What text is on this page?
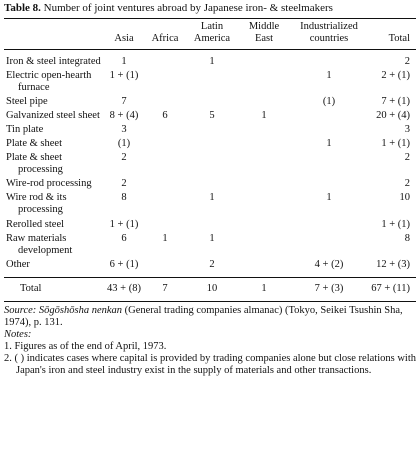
Table 8. Number of joint ventures abroad by Japanese iron- & steelmakers
	Asia	Africa	Latin America	Middle East	Industrialized countries	Total

Iron & steel integrated	1		1			2

Electric open-hearth furnace	1 + (1)				1	2 + (1)

Steel pipe	7				(1)	7 + (1)

Galvanized steel sheet	8 + (4)	6	5	1		20 + (4)

Tin plate	3					3

Plate & sheet	(1)				1	1 + (1)

Plate & sheet processing	2					2

Wire-rod processing	2					2

Wire rod & its processing	8		1		1	10

Rerolled steel	1 + (1)					1 + (1)

Raw materials development	6	1	1			8

Other	6 + (1)		2		4 + (2)	12 + (3)
Total	43 + (8)	7	10	1	7 + (3)	67 + (11)
Source: Sōgōshōsha nenkan (General trading companies almanac) (Tokyo, Seikei Tsushin Sha, 1974), p. 131.
Notes:
1. Figures as of the end of April, 1973.
2. ( ) indicates cases where capital is provided by trading companies alone but close relations with Japan's iron and steel industry exist in the supply of materials and other transactions.
